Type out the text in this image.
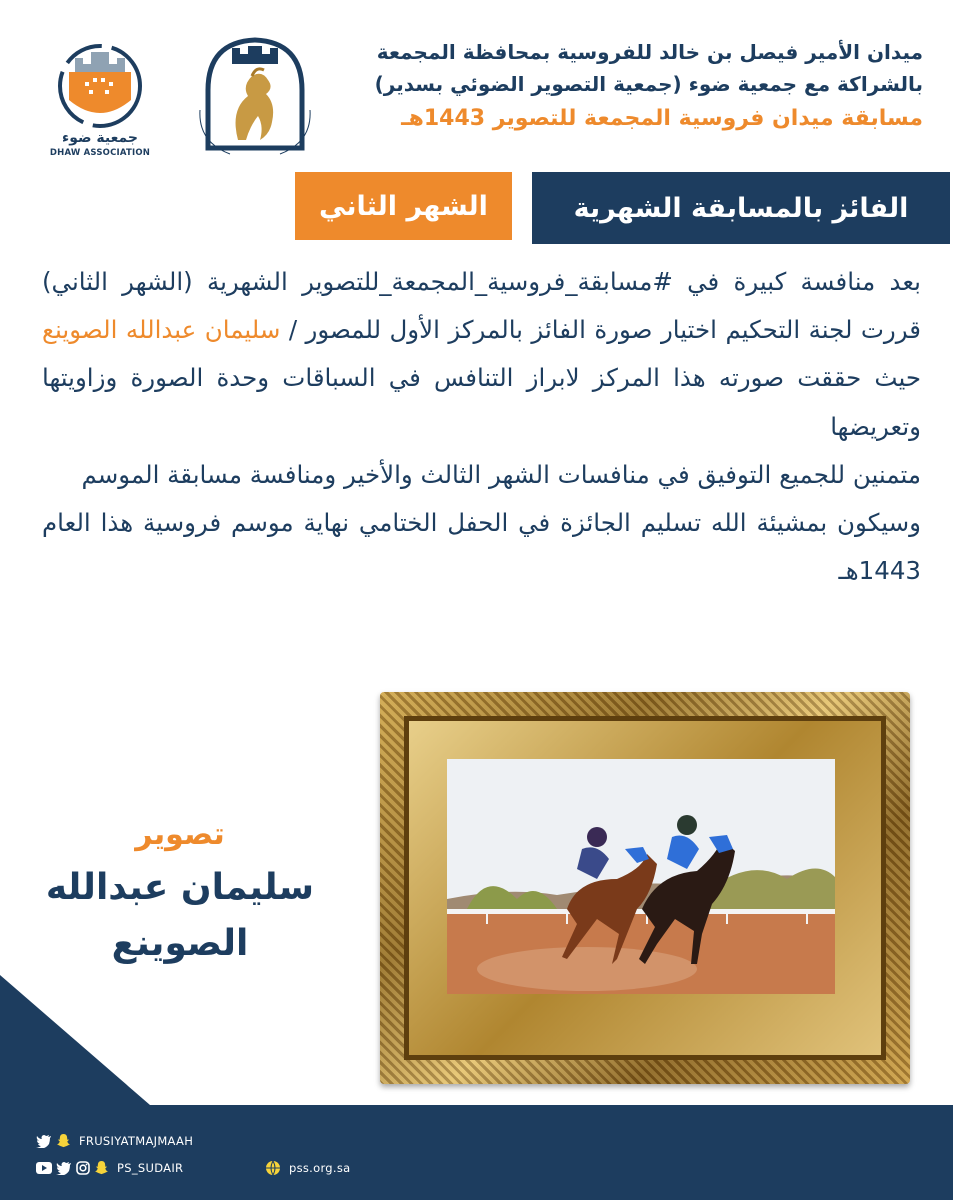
ميدان الأمير فيصل بن خالد للفروسية بمحافظة المجمعة
بالشراكة مع جمعية ضوء (جمعية التصوير الضوئي بسدير)
مسابقة ميدان فروسية المجمعة للتصوير 1443هـ
جمعية ضوء
DHAW ASSOCIATION
الفائز بالمسابقة الشهرية
الشهر الثاني

بعد منافسة كبيرة في #مسابقة_فروسية_المجمعة_للتصوير الشهرية (الشهر الثاني) قررت لجنة التحكيم اختيار صورة الفائز بالمركز الأول للمصور / سليمان عبدالله الصوينع حيث حققت صورته هذا المركز لابراز التنافس في السباقات وحدة الصورة وزاويتها وتعريضها

متمنين للجميع التوفيق في منافسات الشهر الثالث والأخير ومنافسة مسابقة الموسم

وسيكون بمشيئة الله تسليم الجائزة في الحفل الختامي نهاية موسم فروسية هذا العام 1443هـ

تصوير
سليمان عبدالله
الصوينع
FRUSIYATMAJMAAH
PS_SUDAIR	pss.org.sa
